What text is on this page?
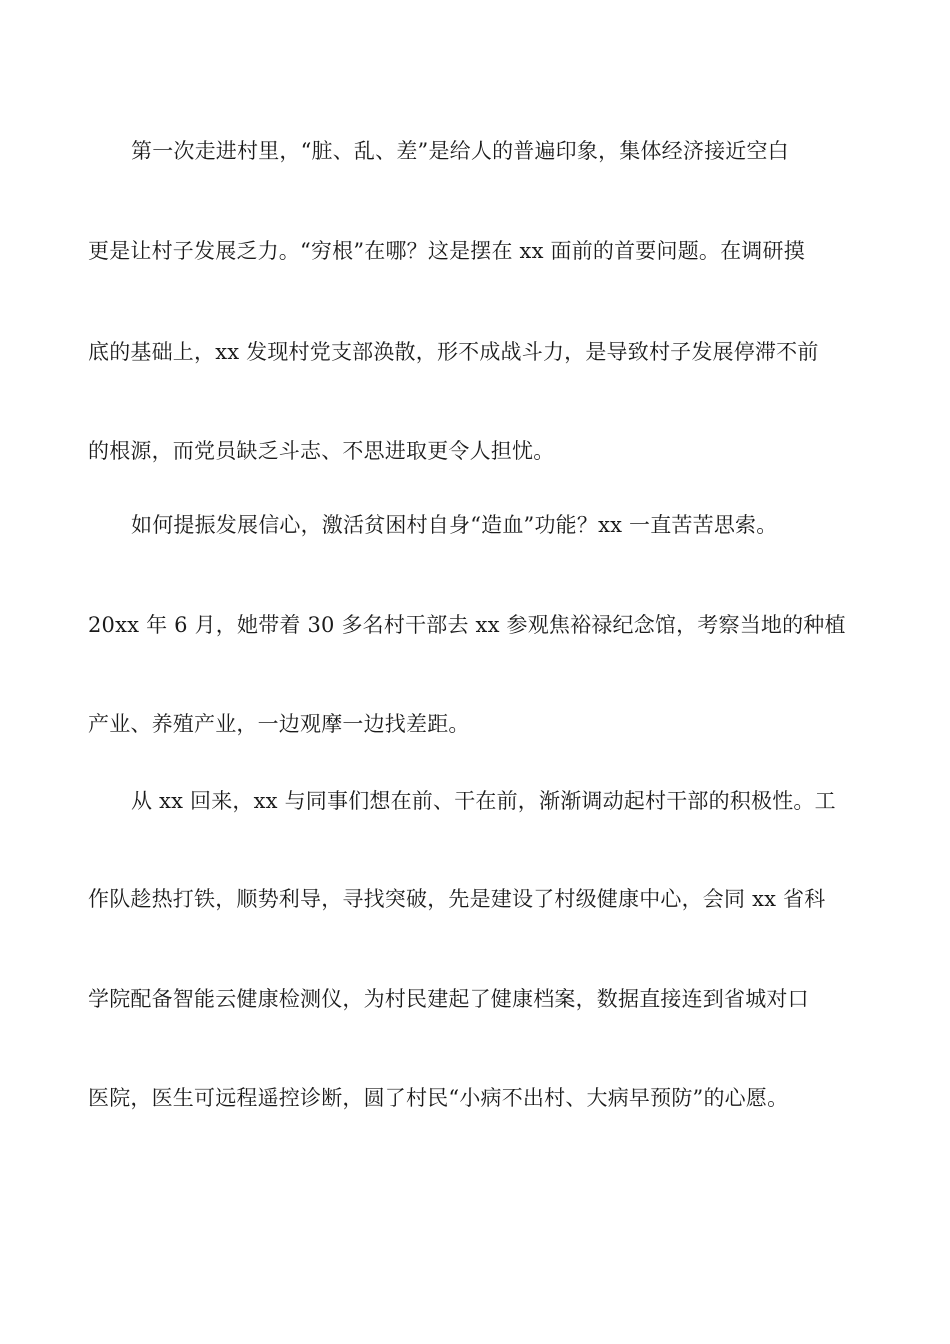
第一次走进村里，“脏、乱、差”是给人的普遍印象，集体经济接近空白
更是让村子发展乏力。“穷根”在哪？这是摆在 xx 面前的首要问题。在调研摸
底的基础上，xx 发现村党支部涣散，形不成战斗力，是导致村子发展停滞不前
的根源，而党员缺乏斗志、不思进取更令人担忧。
如何提振发展信心，激活贫困村自身“造血”功能？xx 一直苦苦思索。
20xx 年 6 月，她带着 30 多名村干部去 xx 参观焦裕禄纪念馆，考察当地的种植
产业、养殖产业，一边观摩一边找差距。
从 xx 回来，xx 与同事们想在前、干在前，渐渐调动起村干部的积极性。工
作队趁热打铁，顺势利导，寻找突破，先是建设了村级健康中心，会同 xx 省科
学院配备智能云健康检测仪，为村民建起了健康档案，数据直接连到省城对口
医院，医生可远程遥控诊断，圆了村民“小病不出村、大病早预防”的心愿。
